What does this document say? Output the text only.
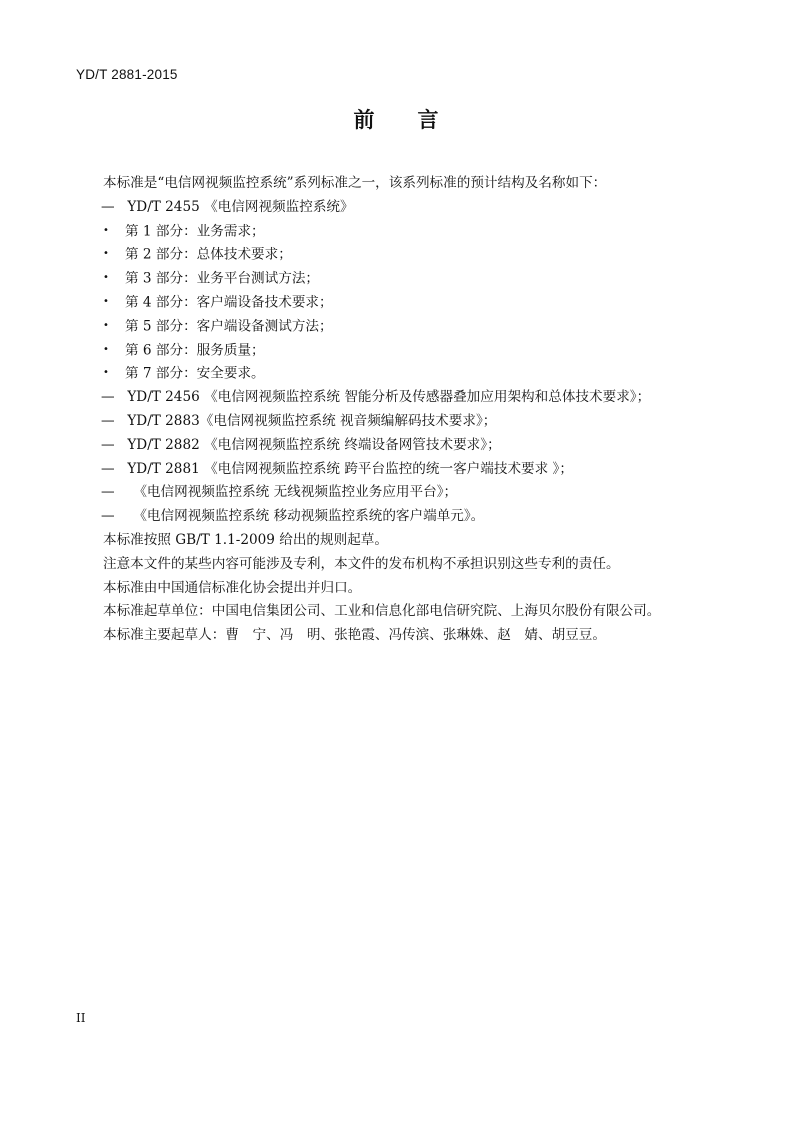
YD/T 2881-2015
前 言
本标准是“电信网视频监控系统”系列标准之一，该系列标准的预计结构及名称如下：
— YD/T 2455 《电信网视频监控系统》
• 第 1 部分：业务需求；
• 第 2 部分：总体技术要求；
• 第 3 部分：业务平台测试方法；
• 第 4 部分：客户端设备技术要求；
• 第 5 部分：客户端设备测试方法；
• 第 6 部分：服务质量；
• 第 7 部分：安全要求。
— YD/T 2456 《电信网视频监控系统 智能分析及传感器叠加应用架构和总体技术要求》；
— YD/T 2883《电信网视频监控系统 视音频编解码技术要求》；
— YD/T 2882 《电信网视频监控系统 终端设备网管技术要求》；
— YD/T 2881 《电信网视频监控系统 跨平台监控的统一客户端技术要求 》；
— 《电信网视频监控系统 无线视频监控业务应用平台》；
— 《电信网视频监控系统 移动视频监控系统的客户端单元》。
本标准按照 GB/T 1.1-2009 给出的规则起草。
注意本文件的某些内容可能涉及专利，本文件的发布机构不承担识别这些专利的责任。
本标准由中国通信标准化协会提出并归口。
本标准起草单位：中国电信集团公司、工业和信息化部电信研究院、上海贝尔股份有限公司。
本标准主要起草人：曹　宁、冯　明、张艳霞、冯传滨、张琳姝、赵　婧、胡豆豆。
II
